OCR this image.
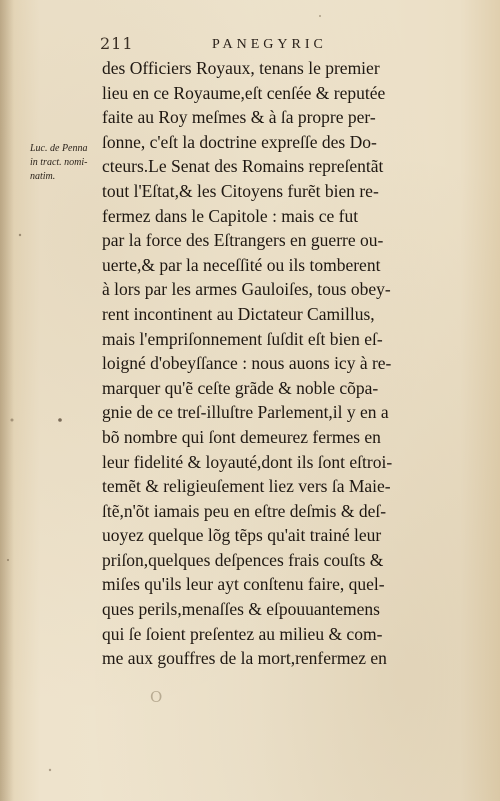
211	PANEGYRIC
Luc. de Penna
in tract. nomi-
natim.
des Officiers Royaux, tenans le premier
lieu en ce Royaume,eſt cenſée & reputée
faite au Roy meſmes & à ſa propre per-
ſonne, c'eſt la doctrine expreſſe des Do-
cteurs.Le Senat des Romains repreſentãt
tout l'Eſtat,& les Citoyens furẽt bien re-
fermez dans le Capitole : mais ce fut
par la force des Eſtrangers en guerre ou-
uerte,& par la neceſſité ou ils tomberent
à lors par les armes Gauloiſes, tous obey-
rent incontinent au Dictateur Camillus,
mais l'empriſonnement ſuſdit eſt bien eſ-
loigné d'obeyſſance : nous auons icy à re-
marquer qu'ẽ ceſte grãde & noble cõpa-
gnie de ce treſ-illuſtre Parlement,il y en a
bõ nombre qui ſont demeurez fermes en
leur fidelité & loyauté,dont ils ſont eſtroi-
temẽt & religieuſement liez vers ſa Maie-
ſtẽ,n'õt iamais peu en eſtre deſmis & deſ-
uoyez quelque lõg tẽps qu'ait trainé leur
priſon,quelques deſpences frais couſts &
miſes qu'ils leur ayt conſtenu faire, quel-
ques perils,menaſſes & eſpouuantemens
qui ſe ſoient preſentez au milieu & com-
me aux gouffres de la mort,renfermez en
O
